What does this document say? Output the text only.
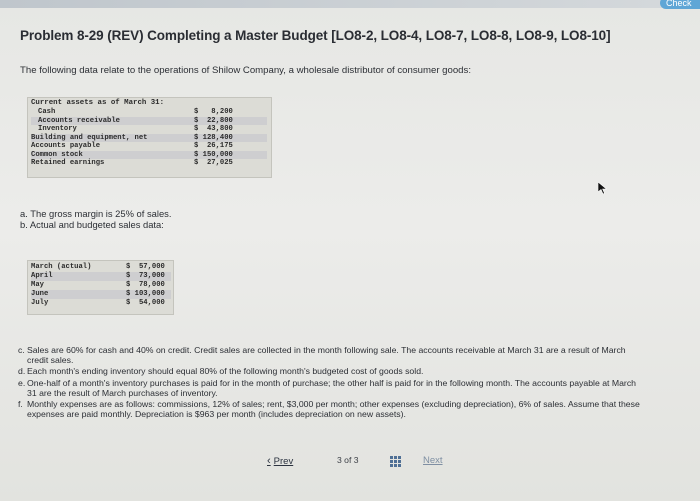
Check
Problem 8-29 (REV) Completing a Master Budget [LO8-2, LO8-4, LO8-7, LO8-8, LO8-9, LO8-10]
The following data relate to the operations of Shilow Company, a wholesale distributor of consumer goods:
Current assets as of March 31:
Cash	$   8,200
Accounts receivable	$  22,800
Inventory	$  43,800
Building and equipment, net	$ 128,400
Accounts payable	$  26,175
Common stock	$ 150,000
Retained earnings	$  27,025
a. The gross margin is 25% of sales.
b. Actual and budgeted sales data:
March (actual)	$  57,000
April	$  73,000
May	$  78,000
June	$ 103,000
July	$  54,000
c. Sales are 60% for cash and 40% on credit. Credit sales are collected in the month following sale. The accounts receivable at March 31 are a result of March credit sales.
d. Each month's ending inventory should equal 80% of the following month's budgeted cost of goods sold.
e. One-half of a month's inventory purchases is paid for in the month of purchase; the other half is paid for in the following month. The accounts payable at March 31 are the result of March purchases of inventory.
f. Monthly expenses are as follows: commissions, 12% of sales; rent, $3,000 per month; other expenses (excluding depreciation), 6% of sales. Assume that these expenses are paid monthly. Depreciation is $963 per month (includes depreciation on new assets).
‹ Prev	3 of 3	Next
